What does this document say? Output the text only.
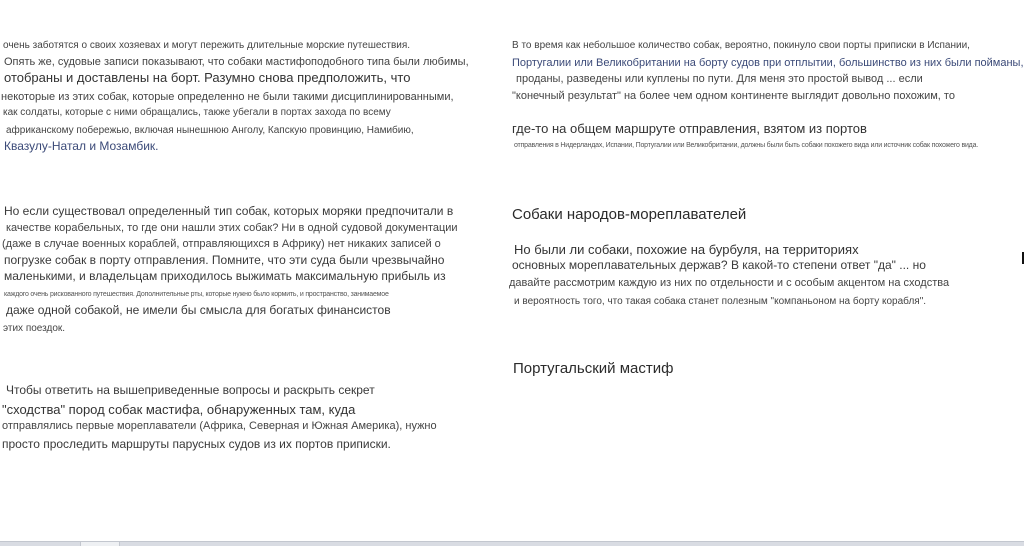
очень заботятся о своих хозяевах и могут пережить длительные морские путешествия.
Опять же, судовые записи показывают, что собаки мастифоподобного типа были любимы,
отобраны и доставлены на борт. Разумно снова предположить, что
некоторые из этих собак, которые определенно не были такими дисциплинированными,
как солдаты, которые с ними обращались, также убегали в портах захода по всему
африканскому побережью, включая нынешнюю Анголу, Капскую провинцию, Намибию,
Квазулу-Натал и Мозамбик.
Но если существовал определенный тип собак, которых моряки предпочитали в
качестве корабельных, то где они нашли этих собак? Ни в одной судовой документации
(даже в случае военных кораблей, отправляющихся в Африку) нет никаких записей о
погрузке собак в порту отправления. Помните, что эти суда были чрезвычайно
маленькими, и владельцам приходилось выжимать максимальную прибыль из
каждого очень рискованного путешествия. Дополнительные рты, которые нужно было кормить, и пространство, занимаемое
даже одной собакой, не имели бы смысла для богатых финансистов
этих поездок.
Чтобы ответить на вышеприведенные вопросы и раскрыть секрет
"сходства" пород собак мастифа, обнаруженных там, куда
отправлялись первые мореплаватели (Африка, Северная и Южная Америка), нужно
просто проследить маршруты парусных судов из их портов приписки.
В то время как небольшое количество собак, вероятно, покинуло свои порты приписки в Испании,
Португалии или Великобритании на борту судов при отплытии, большинство из них были пойманы,
проданы, разведены или куплены по пути. Для меня это простой вывод ... если
"конечный результат" на более чем одном континенте выглядит довольно похожим, то
где-то на общем маршруте отправления, взятом из портов
отправления в Нидерландах, Испании, Португалии или Великобритании, должны были быть собаки похожего вида или источник собак похожего вида.
Собаки народов-мореплавателей
Но были ли собаки, похожие на бурбуля, на территориях
основных мореплавательных держав? В какой-то степени ответ "да" ... но
давайте рассмотрим каждую из них по отдельности и с особым акцентом на сходства
и вероятность того, что такая собака станет полезным "компаньоном на борту корабля".
Португальский мастиф
